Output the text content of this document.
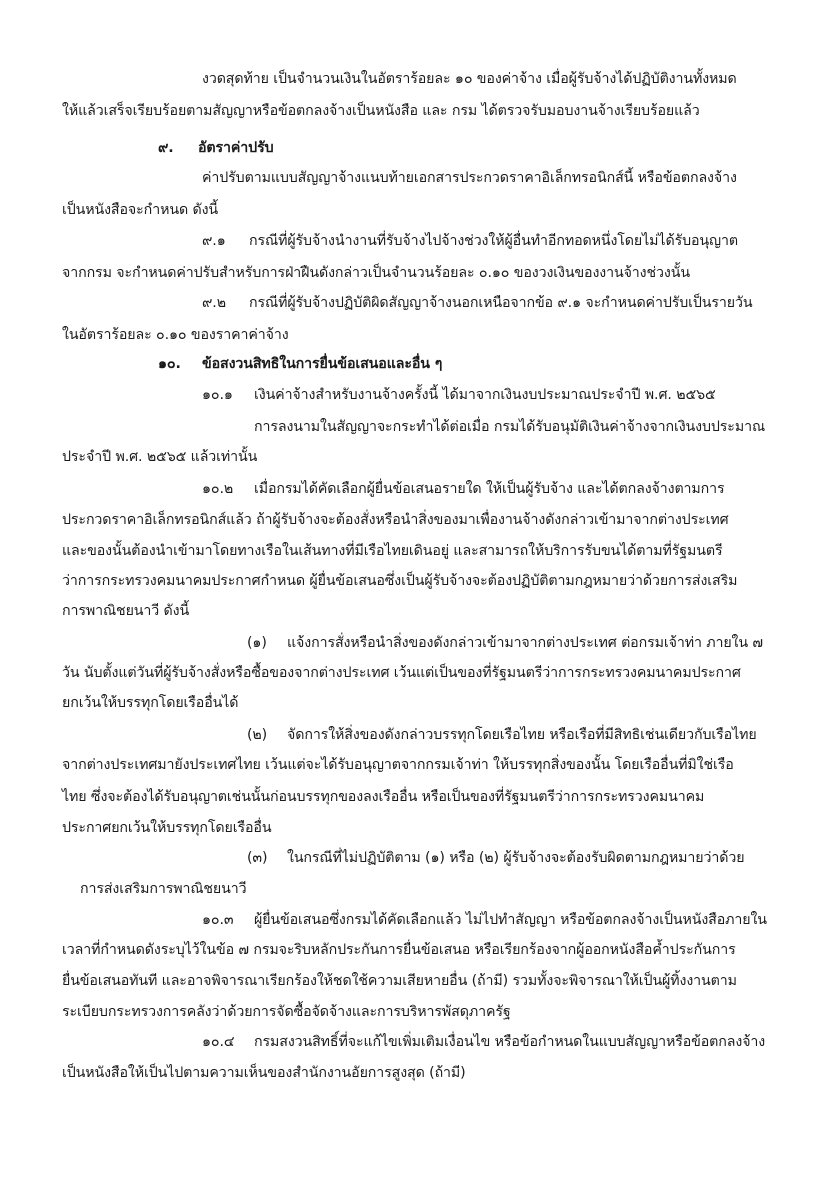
งวดสุดท้าย เป็นจำนวนเงินในอัตราร้อยละ ๑๐ ของค่าจ้าง เมื่อผู้รับจ้างได้ปฏิบัติงานทั้งหมด
ให้แล้วเสร็จเรียบร้อยตามสัญญาหรือข้อตกลงจ้างเป็นหนังสือ และ กรม ได้ตรวจรับมอบงานจ้างเรียบร้อยแล้ว
๙. อัตราค่าปรับ
ค่าปรับตามแบบสัญญาจ้างแนบท้ายเอกสารประกวดราคาอิเล็กทรอนิกส์นี้ หรือข้อตกลงจ้าง
เป็นหนังสือจะกำหนด ดังนี้
๙.๑ กรณีที่ผู้รับจ้างนำงานที่รับจ้างไปจ้างช่วงให้ผู้อื่นทำอีกทอดหนึ่งโดยไม่ได้รับอนุญาต
จากกรม จะกำหนดค่าปรับสำหรับการฝ่าฝืนดังกล่าวเป็นจำนวนร้อยละ ๐.๑๐ ของวงเงินของงานจ้างช่วงนั้น
๙.๒ กรณีที่ผู้รับจ้างปฏิบัติผิดสัญญาจ้างนอกเหนือจากข้อ ๙.๑ จะกำหนดค่าปรับเป็นรายวัน
ในอัตราร้อยละ ๐.๑๐ ของราคาค่าจ้าง
๑๐. ข้อสงวนสิทธิในการยื่นข้อเสนอและอื่น ๆ
๑๐.๑ เงินค่าจ้างสำหรับงานจ้างครั้งนี้ ได้มาจากเงินงบประมาณประจำปี พ.ศ. ๒๕๖๕
การลงนามในสัญญาจะกระทำได้ต่อเมื่อ กรมได้รับอนุมัติเงินค่าจ้างจากเงินงบประมาณ
ประจำปี พ.ศ. ๒๕๖๕ แล้วเท่านั้น
๑๐.๒ เมื่อกรมได้คัดเลือกผู้ยื่นข้อเสนอรายใด ให้เป็นผู้รับจ้าง และได้ตกลงจ้างตามการ
ประกวดราคาอิเล็กทรอนิกส์แล้ว ถ้าผู้รับจ้างจะต้องสั่งหรือนำสิ่งของมาเพื่องานจ้างดังกล่าวเข้ามาจากต่างประเทศ
และของนั้นต้องนำเข้ามาโดยทางเรือในเส้นทางที่มีเรือไทยเดินอยู่ และสามารถให้บริการรับขนได้ตามที่รัฐมนตรี
ว่าการกระทรวงคมนาคมประกาศกำหนด ผู้ยื่นข้อเสนอซึ่งเป็นผู้รับจ้างจะต้องปฏิบัติตามกฎหมายว่าด้วยการส่งเสริม
การพาณิชยนาวี ดังนี้
(๑) แจ้งการสั่งหรือนำสิ่งของดังกล่าวเข้ามาจากต่างประเทศ ต่อกรมเจ้าท่า ภายใน ๗
วัน นับตั้งแต่วันที่ผู้รับจ้างสั่งหรือซื้อของจากต่างประเทศ เว้นแต่เป็นของที่รัฐมนตรีว่าการกระทรวงคมนาคมประกาศ
ยกเว้นให้บรรทุกโดยเรืออื่นได้
(๒) จัดการให้สิ่งของดังกล่าวบรรทุกโดยเรือไทย หรือเรือที่มีสิทธิเช่นเดียวกับเรือไทย
จากต่างประเทศมายังประเทศไทย เว้นแต่จะได้รับอนุญาตจากกรมเจ้าท่า ให้บรรทุกสิ่งของนั้น โดยเรืออื่นที่มิใช่เรือ
ไทย ซึ่งจะต้องได้รับอนุญาตเช่นนั้นก่อนบรรทุกของลงเรืออื่น หรือเป็นของที่รัฐมนตรีว่าการกระทรวงคมนาคม
ประกาศยกเว้นให้บรรทุกโดยเรืออื่น
(๓) ในกรณีที่ไม่ปฏิบัติตาม (๑) หรือ (๒) ผู้รับจ้างจะต้องรับผิดตามกฎหมายว่าด้วย
การส่งเสริมการพาณิชยนาวี
๑๐.๓ ผู้ยื่นข้อเสนอซึ่งกรมได้คัดเลือกแล้ว ไม่ไปทำสัญญา หรือข้อตกลงจ้างเป็นหนังสือภายใน
เวลาที่กำหนดดังระบุไว้ในข้อ ๗ กรมจะริบหลักประกันการยื่นข้อเสนอ หรือเรียกร้องจากผู้ออกหนังสือค้ำประกันการ
ยื่นข้อเสนอทันที และอาจพิจารณาเรียกร้องให้ชดใช้ความเสียหายอื่น (ถ้ามี) รวมทั้งจะพิจารณาให้เป็นผู้ทิ้งงานตาม
ระเบียบกระทรวงการคลังว่าด้วยการจัดซื้อจัดจ้างและการบริหารพัสดุภาครัฐ
๑๐.๔ กรมสงวนสิทธิ์ที่จะแก้ไขเพิ่มเติมเงื่อนไข หรือข้อกำหนดในแบบสัญญาหรือข้อตกลงจ้าง
เป็นหนังสือให้เป็นไปตามความเห็นของสำนักงานอัยการสูงสุด (ถ้ามี)
